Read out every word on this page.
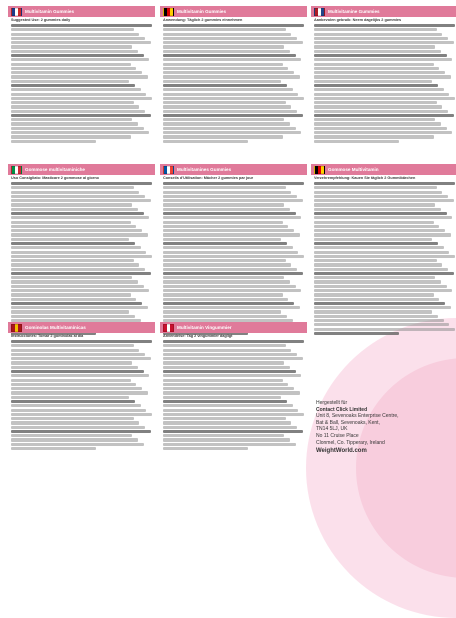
Multivitamin Gummies
Suggested Use: 2 gummies daily
Multivitamin Gummies
Anwendung: Täglich 2 gummies einnehmen
Multivitamine Gummies
Aanbevolen gebruik: Neem dagelijks 2 gummies
Gommose multivitaminiche
Uso Consigliato: Masticare 2 gommose al giorno
Multivitamines Gummies
Conseils d'Utilisation: Mâcher 2 gummies par jour
Gommose Multivitamin
Verzehrempfehlung: Kauen Sie täglich 2 Gummibärchen
Gominolas Multivitamínicas
Instrucciones: Tomar 2 gominolas al día
Multivitamin Vingummier
Anvendelse: Tag 2 vingummier dagligt
Hergestellt für
Contact Click Limited
Unit 8, Sevenoaks Enterprise Centre,
Bat & Ball, Sevenoaks, Kent,
TN14 5LJ, UK
No 11 Cruise Place
Clonmel, Co. Tipperary, Ireland
WeightWorld.com
